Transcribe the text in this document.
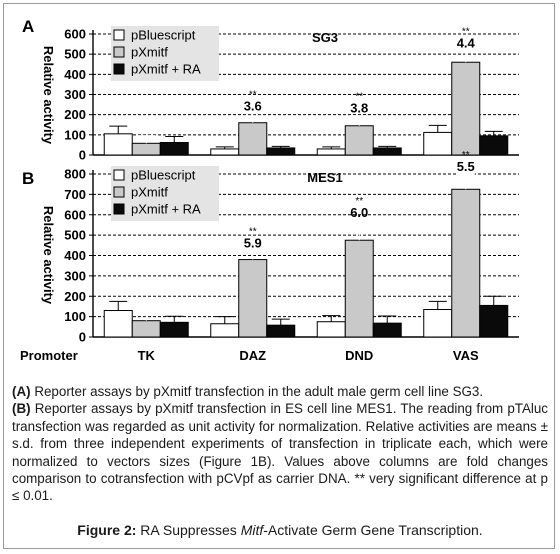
0
100
200
300
400
500
600
A
Relative activity	**
3.6
**
3.8
**
4.4
SG3
pBluescript
pXmitf
pXmitf + RA
0
100
200
300
400
500
600
700
800
B
Relative activity	**
5.9
**
6.0
**
5.5
MES1
pBluescript
pXmitf
pXmitf + RA
TK	DAZ	DND	VAS
Promoter

(A) Reporter assays by pXmitf transfection in the adult male germ cell line SG3.

(B) Reporter assays by pXmitf transfection in ES cell line MES1. The reading from pTAluc transfection was regarded as unit activity for normalization. Relative activities are means ± s.d. from three independent experiments of transfection in triplicate each, which were normalized to vectors sizes (Figure 1B). Values above columns are fold changes comparison to cotransfection with pCVpf as carrier DNA. ** very significant difference at p ≤ 0.01.

Figure 2: RA Suppresses Mitf-Activate Germ Gene Transcription.
